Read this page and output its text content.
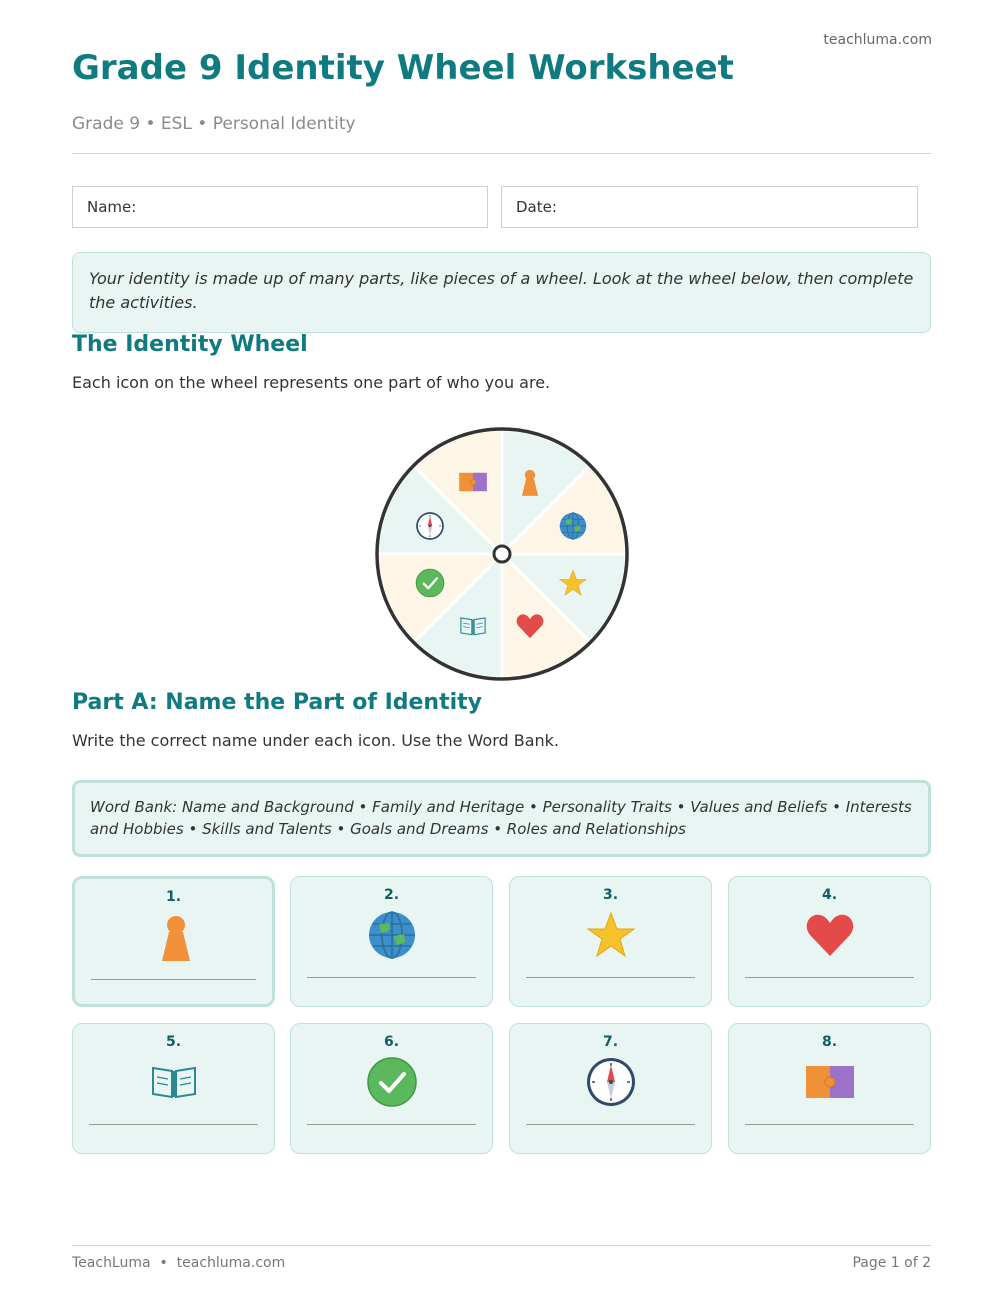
teachluma.com
Grade 9 Identity Wheel Worksheet
Grade 9 • ESL • Personal Identity
Name:	Date:
Your identity is made up of many parts, like pieces of a wheel. Look at the wheel below, then complete the activities.
The Identity Wheel
Each icon on the wheel represents one part of who you are.
Part A: Name the Part of Identity
Write the correct name under each icon. Use the Word Bank.
Word Bank: Name and Background • Family and Heritage • Personality Traits • Values and Beliefs • Interests and Hobbies • Skills and Talents • Goals and Dreams • Roles and Relationships
1.	2.	3.	4.
5.	6.	7.	8.
TeachLuma  •  teachluma.com	Page 1 of 2
